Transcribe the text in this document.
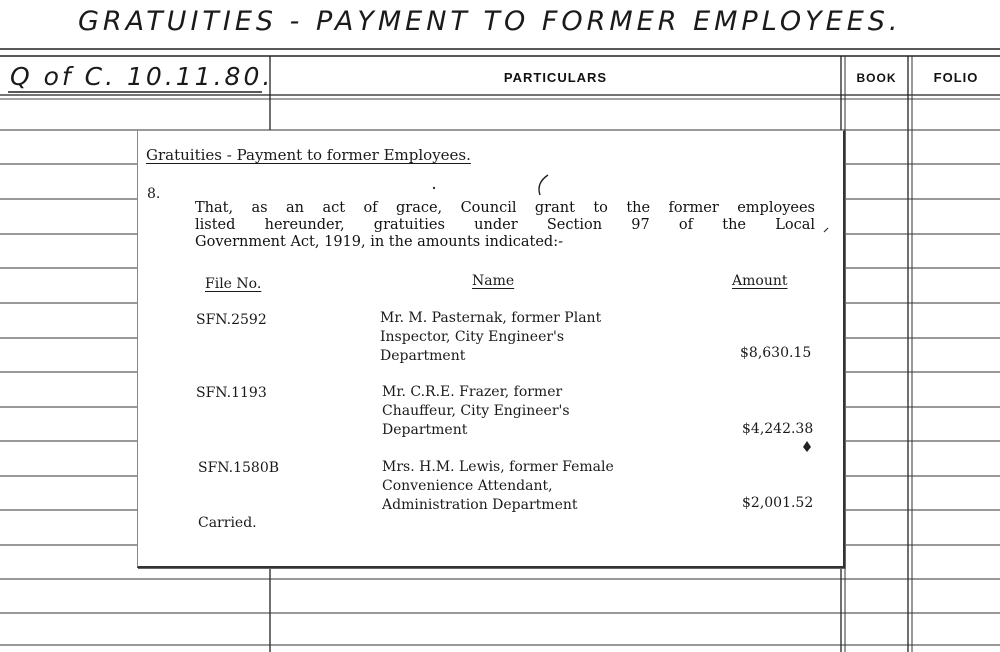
GRATUITIES - PAYMENT TO FORMER EMPLOYEES.
Q of C. 10.11.80.	PARTICULARS	BOOK	FOLIO
Gratuities - Payment to former Employees.
8.
That, as an act of grace, Council grant to the former employees
listed hereunder, gratuities under Section 97 of the Local
Government Act, 1919, in the amounts indicated:-
File No.	Name	Amount
SFN.2592	Mr. M. Pasternak, former Plant
Inspector, City Engineer's
Department	$8,630.15
SFN.1193	Mr. C.R.E. Frazer, former
Chauffeur, City Engineer's
Department	$4,242.38
SFN.1580B	Mrs. H.M. Lewis, former Female
Convenience Attendant,
Administration Department	$2,001.52
Carried.
